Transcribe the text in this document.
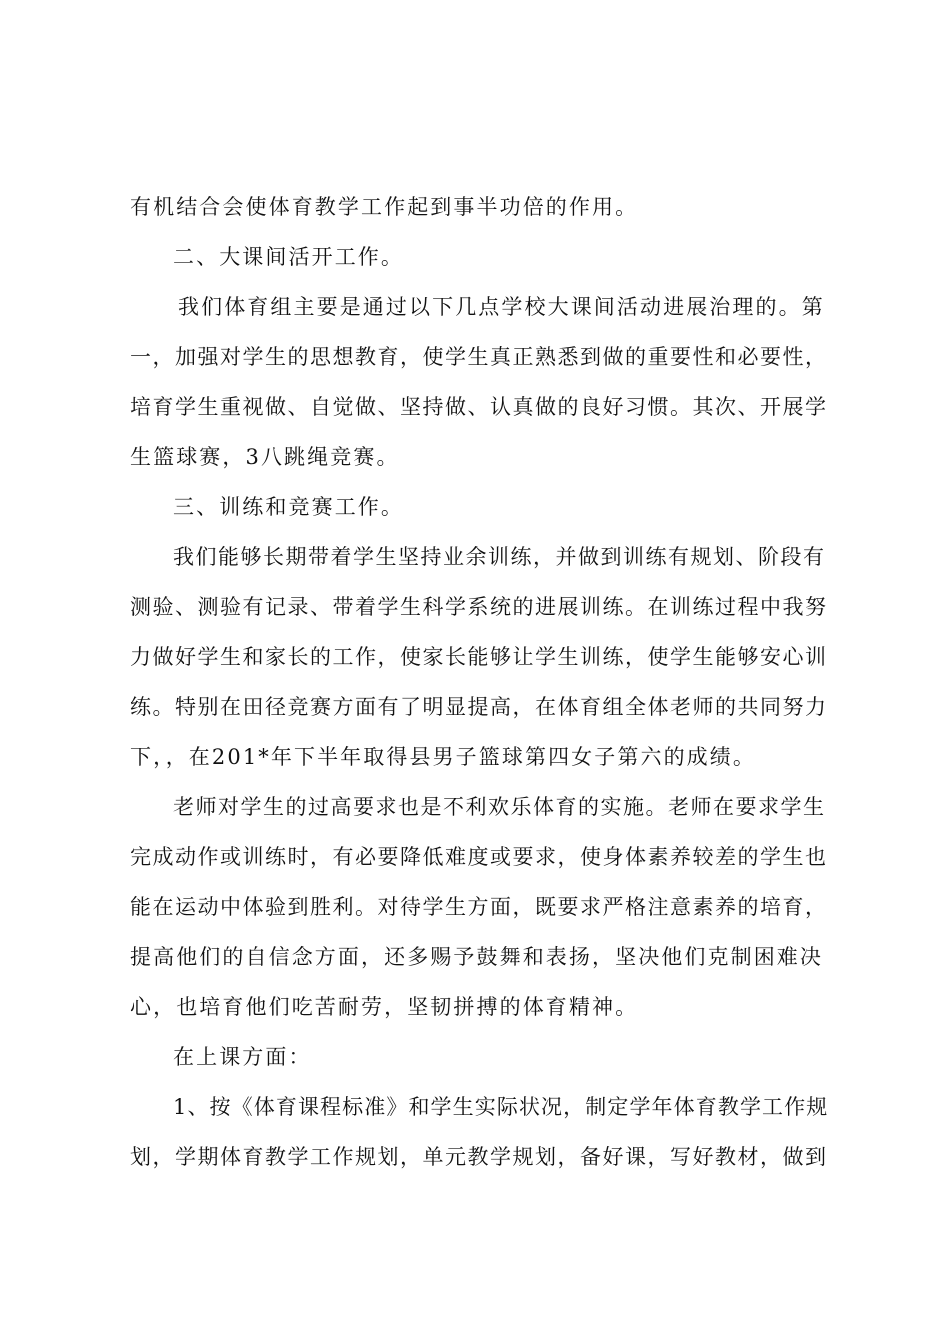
有机结合会使体育教学工作起到事半功倍的作用。
二、大课间活开工作。
我们体育组主要是通过以下几点学校大课间活动进展治理的。第
一，加强对学生的思想教育，使学生真正熟悉到做的重要性和必要性，
培育学生重视做、自觉做、坚持做、认真做的良好习惯。其次、开展学
生篮球赛，3八跳绳竞赛。
三、训练和竞赛工作。
我们能够长期带着学生坚持业余训练，并做到训练有规划、阶段有
测验、测验有记录、带着学生科学系统的进展训练。在训练过程中我努
力做好学生和家长的工作，使家长能够让学生训练，使学生能够安心训
练。特别在田径竞赛方面有了明显提高，在体育组全体老师的共同努力
下，，在201*年下半年取得县男子篮球第四女子第六的成绩。
老师对学生的过高要求也是不利欢乐体育的实施。老师在要求学生
完成动作或训练时，有必要降低难度或要求，使身体素养较差的学生也
能在运动中体验到胜利。对待学生方面，既要求严格注意素养的培育，
提高他们的自信念方面，还多赐予鼓舞和表扬，坚决他们克制困难决
心，也培育他们吃苦耐劳，坚韧拼搏的体育精神。
在上课方面：
1、按《体育课程标准》和学生实际状况，制定学年体育教学工作规
划，学期体育教学工作规划，单元教学规划，备好课，写好教材，做到
